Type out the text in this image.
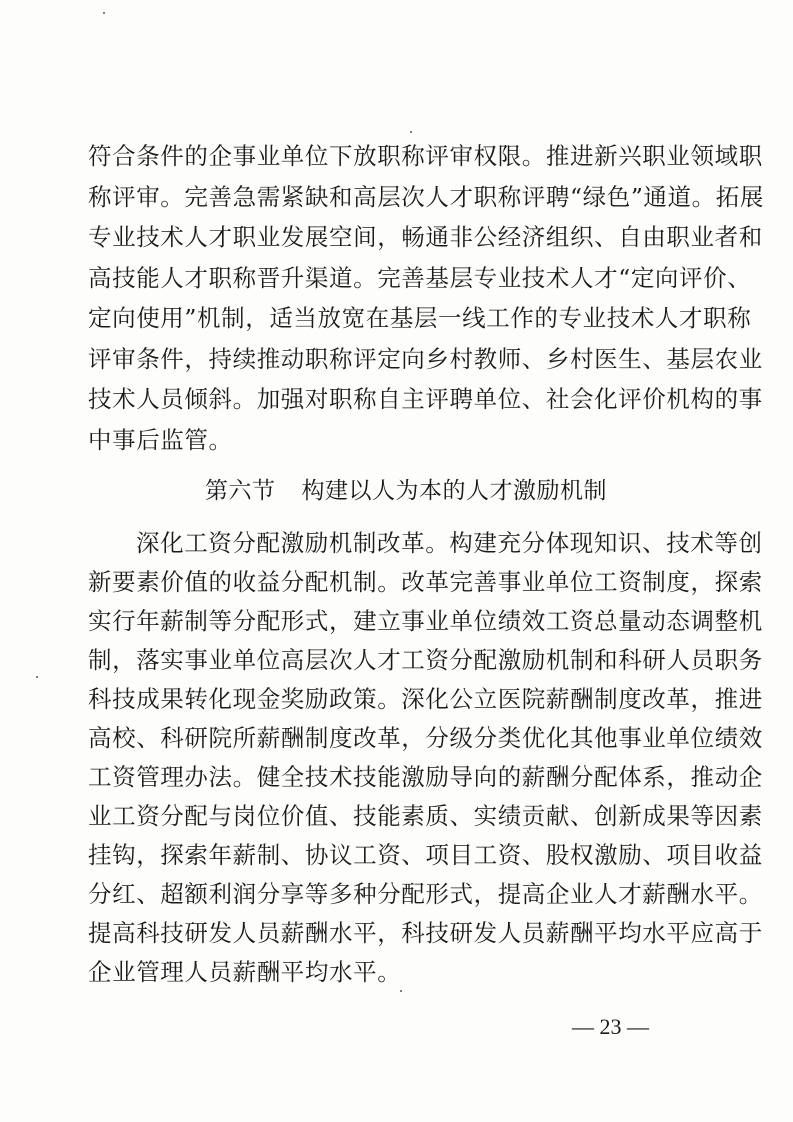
符合条件的企事业单位下放职称评审权限。推进新兴职业领域职
称评审。完善急需紧缺和高层次人才职称评聘“绿色”通道。拓展
专业技术人才职业发展空间，畅通非公经济组织、自由职业者和
高技能人才职称晋升渠道。完善基层专业技术人才“定向评价、
定向使用”机制，适当放宽在基层一线工作的专业技术人才职称
评审条件，持续推动职称评定向乡村教师、乡村医生、基层农业
技术人员倾斜。加强对职称自主评聘单位、社会化评价机构的事
中事后监管。
第六节 构建以人为本的人才激励机制
深化工资分配激励机制改革。构建充分体现知识、技术等创
新要素价值的收益分配机制。改革完善事业单位工资制度，探索
实行年薪制等分配形式，建立事业单位绩效工资总量动态调整机
制，落实事业单位高层次人才工资分配激励机制和科研人员职务
科技成果转化现金奖励政策。深化公立医院薪酬制度改革，推进
高校、科研院所薪酬制度改革，分级分类优化其他事业单位绩效
工资管理办法。健全技术技能激励导向的薪酬分配体系，推动企
业工资分配与岗位价值、技能素质、实绩贡献、创新成果等因素
挂钩，探索年薪制、协议工资、项目工资、股权激励、项目收益
分红、超额利润分享等多种分配形式，提高企业人才薪酬水平。
提高科技研发人员薪酬水平，科技研发人员薪酬平均水平应高于
企业管理人员薪酬平均水平。
— 23 —
